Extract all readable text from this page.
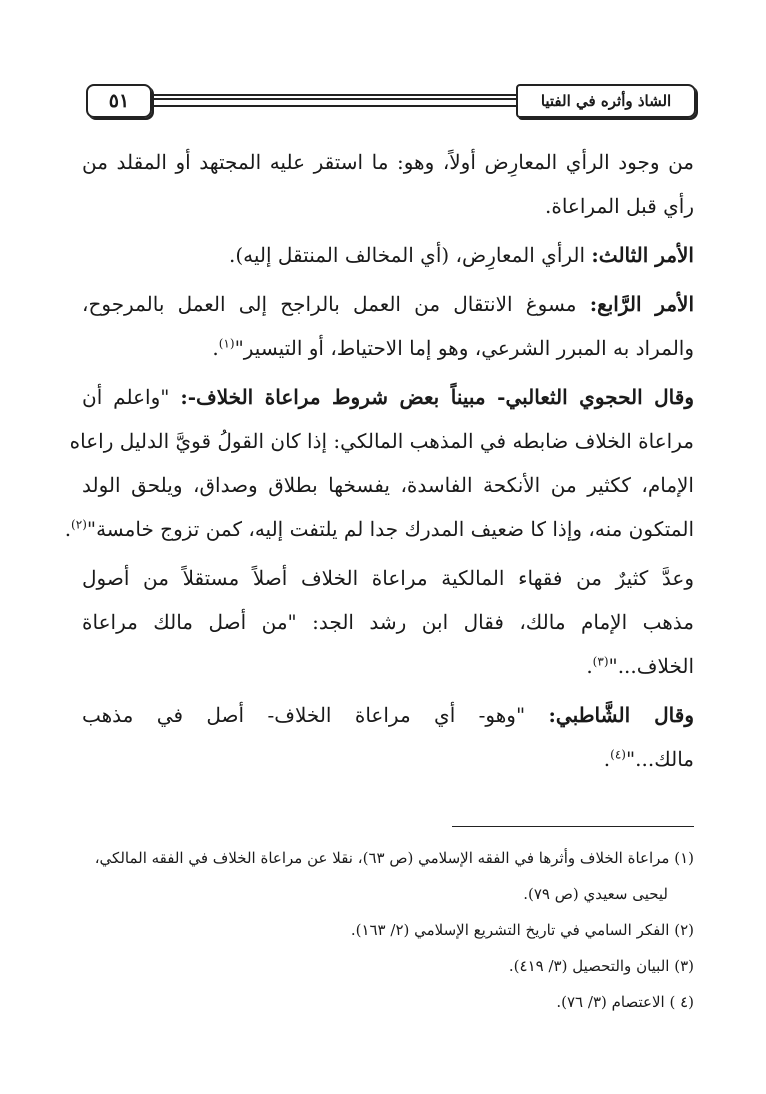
٥١	الشاذ وأثره في الفتيا
من وجود الرأي المعارِض أولاً، وهو: ما استقر عليه المجتهد أو المقلد من
رأي قبل المراعاة.
الأمر الثالث: الرأي المعارِض، (أي المخالف المنتقل إليه).
الأمر الرَّابع: مسوغ الانتقال من العمل بالراجح إلى العمل بالمرجوح،
والمراد به المبرر الشرعي، وهو إما الاحتياط، أو التيسير"$^{(١)}$.
وقال الحجوي الثعالبي- مبيناً بعض شروط مراعاة الخلاف-: "واعلم أن
مراعاة الخلاف ضابطه في المذهب المالكي: إذا كان القولُ قويَّ الدليل راعاه
الإمام، ككثير من الأنكحة الفاسدة، يفسخها بطلاق وصداق، ويلحق الولد
المتكون منه، وإذا كا ضعيف المدرك جدا لم يلتفت إليه، كمن تزوج خامسة"$^{(٢)}$.
وعدَّ كثيرٌ من فقهاء المالكية مراعاة الخلاف أصلاً مستقلاً من أصول
مذهب الإمام مالك، فقال ابن رشد الجد: "من أصل مالك مراعاة
الخلاف..."$^{(٣)}$.
وقال الشَّاطبي: "وهو- أي مراعاة الخلاف- أصل في مذهب
مالك..."$^{(٤)}$.
(١) مراعاة الخلاف وأثرها في الفقه الإسلامي (ص ٦٣)، نقلا عن مراعاة الخلاف في الفقه المالكي،
ليحيى سعيدي (ص ٧٩).
(٢) الفكر السامي في تاريخ التشريع الإسلامي (٢/ ١٦٣).
(٣) البيان والتحصيل (٣/ ٤١٩).
(٤ ) الاعتصام (٣/ ٧٦).
